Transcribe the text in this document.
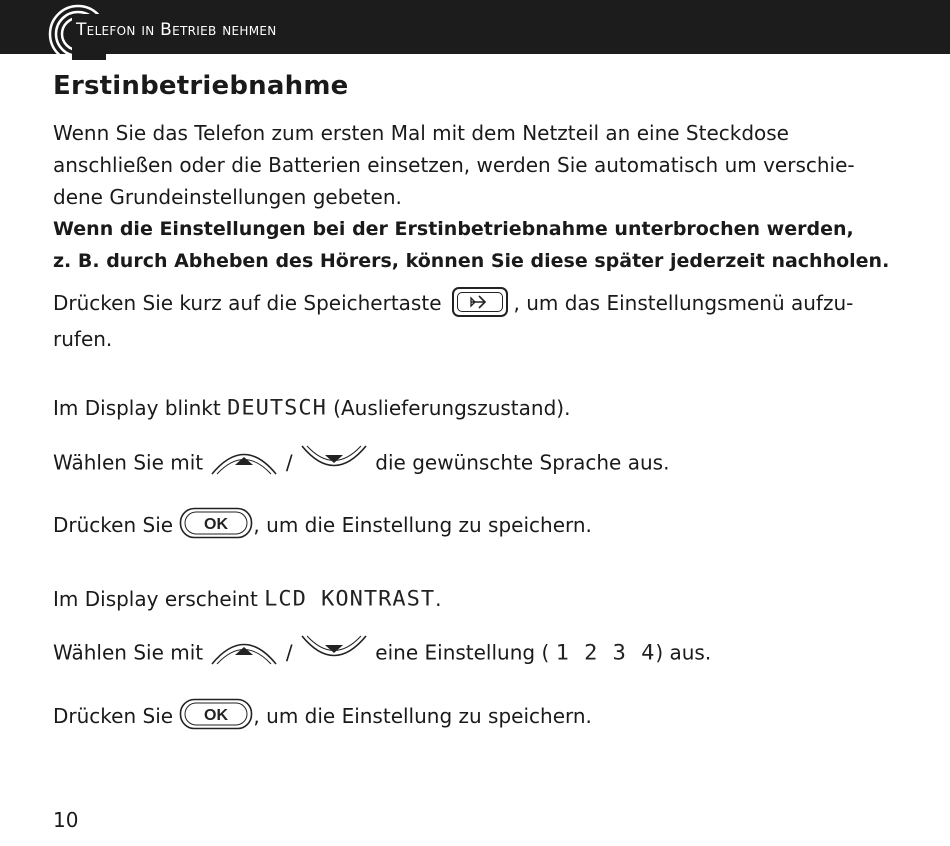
Telefon in Betrieb nehmen
Erstinbetriebnahme

Wenn Sie das Telefon zum ersten Mal mit dem Netzteil an eine Steckdose

anschließen oder die Batterien einsetzen, werden Sie automatisch um verschie-

dene Grundeinstellungen gebeten.

Wenn die Einstellungen bei der Erstinbetriebnahme unterbrochen werden,

z. B. durch Abheben des Hörers, können Sie diese später jederzeit nachholen.

Drücken Sie kurz auf die Speichertaste	, um das Einstellungsmenü aufzu-

rufen.

Im Display blinkt DEUTSCH (Auslieferungszustand).

Wählen Sie mit	/	die gewünschte Sprache aus.

Drücken Sie OK , um die Einstellung zu speichern.

Im Display erscheint LCD KONTRAST.

Wählen Sie mit	/	eine Einstellung ( 1 2 3 4) aus.

Drücken Sie OK , um die Einstellung zu speichern.

10
